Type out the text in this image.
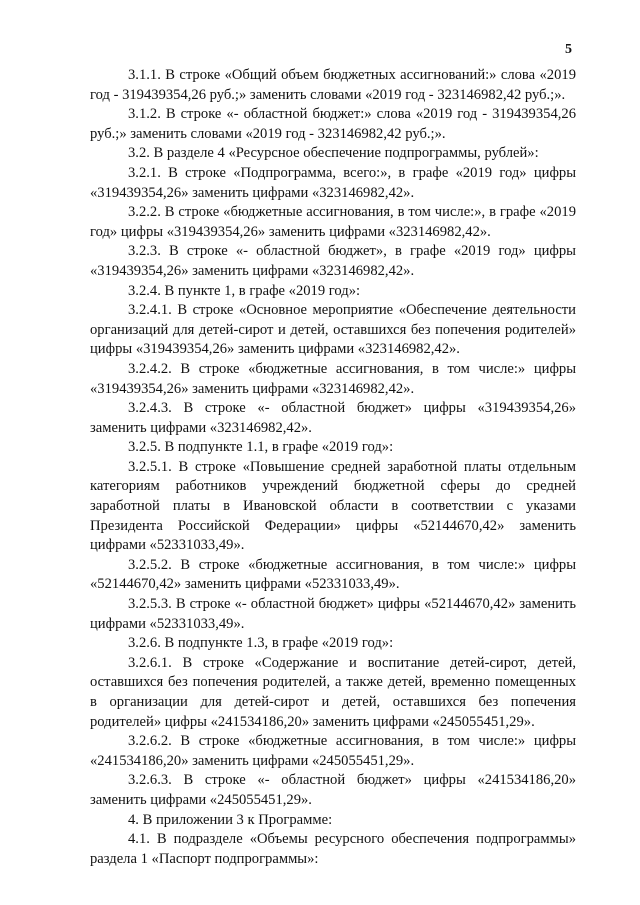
5

3.1.1. В строке «Общий объем бюджетных ассигнований:» слова «2019 год - 319439354,26 руб.;» заменить словами «2019 год - 323146982,42 руб.;».

3.1.2. В строке «- областной бюджет:» слова «2019 год - 319439354,26 руб.;» заменить словами «2019 год - 323146982,42 руб.;».

3.2. В разделе 4 «Ресурсное обеспечение подпрограммы, рублей»:

3.2.1. В строке «Подпрограмма, всего:», в графе «2019 год» цифры «319439354,26» заменить цифрами «323146982,42».

3.2.2. В строке «бюджетные ассигнования, в том числе:», в графе «2019 год» цифры «319439354,26» заменить цифрами «323146982,42».

3.2.3. В строке «- областной бюджет», в графе «2019 год» цифры «319439354,26» заменить цифрами «323146982,42».

3.2.4. В пункте 1, в графе «2019 год»:

3.2.4.1. В строке «Основное мероприятие «Обеспечение деятельности организаций для детей-сирот и детей, оставшихся без попечения родителей» цифры «319439354,26» заменить цифрами «323146982,42».

3.2.4.2. В строке «бюджетные ассигнования, в том числе:» цифры «319439354,26» заменить цифрами «323146982,42».

3.2.4.3. В строке «- областной бюджет» цифры «319439354,26» заменить цифрами «323146982,42».

3.2.5. В подпункте 1.1, в графе «2019 год»:

3.2.5.1. В строке «Повышение средней заработной платы отдельным категориям работников учреждений бюджетной сферы до средней заработной платы в Ивановской области в соответствии с указами Президента Российской Федерации» цифры «52144670,42» заменить цифрами «52331033,49».

3.2.5.2. В строке «бюджетные ассигнования, в том числе:» цифры «52144670,42» заменить цифрами «52331033,49».

3.2.5.3. В строке «- областной бюджет» цифры «52144670,42» заменить цифрами «52331033,49».

3.2.6. В подпункте 1.3, в графе «2019 год»:

3.2.6.1. В строке «Содержание и воспитание детей-сирот, детей, оставшихся без попечения родителей, а также детей, временно помещенных в организации для детей-сирот и детей, оставшихся без попечения родителей» цифры «241534186,20» заменить цифрами «245055451,29».

3.2.6.2. В строке «бюджетные ассигнования, в том числе:» цифры «241534186,20» заменить цифрами «245055451,29».

3.2.6.3. В строке «- областной бюджет» цифры «241534186,20» заменить цифрами «245055451,29».

4. В приложении 3 к Программе:

4.1. В подразделе «Объемы ресурсного обеспечения подпрограммы» раздела 1 «Паспорт подпрограммы»:
